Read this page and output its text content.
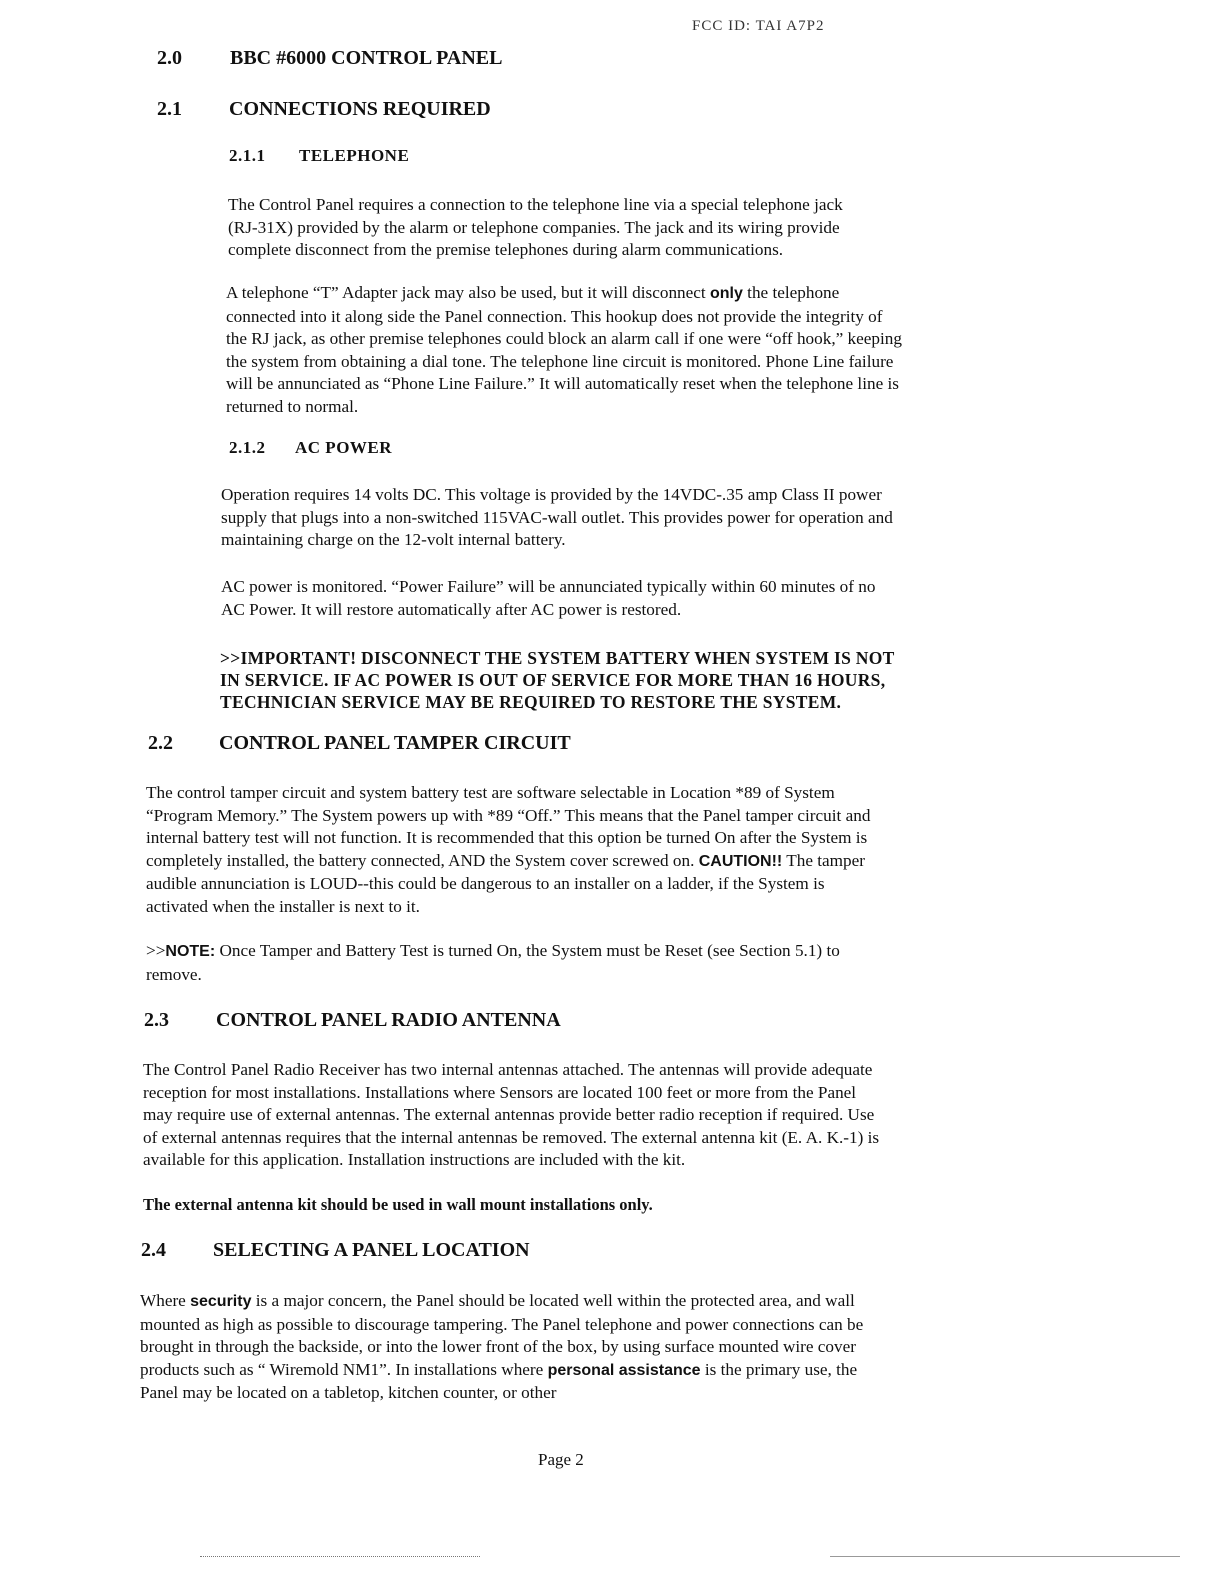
FCC ID: TAI A7P2
2.0 BBC #6000 CONTROL PANEL
2.1 CONNECTIONS REQUIRED
2.1.1 TELEPHONE
The Control Panel requires a connection to the telephone line via a special telephone jack
(RJ-31X) provided by the alarm or telephone companies. The jack and its wiring provide
complete disconnect from the premise telephones during alarm communications.
A telephone “T” Adapter jack may also be used, but it will disconnect only the telephone
connected into it along side the Panel connection. This hookup does not provide the integrity of
the RJ jack, as other premise telephones could block an alarm call if one were “off hook,” keeping
the system from obtaining a dial tone. The telephone line circuit is monitored. Phone Line failure
will be annunciated as “Phone Line Failure.” It will automatically reset when the telephone line is
returned to normal.
2.1.2 AC POWER
Operation requires 14 volts DC. This voltage is provided by the 14VDC-.35 amp Class II power
supply that plugs into a non-switched 115VAC-wall outlet. This provides power for operation and
maintaining charge on the 12-volt internal battery.
AC power is monitored. “Power Failure” will be annunciated typically within 60 minutes of no
AC Power. It will restore automatically after AC power is restored.
>>IMPORTANT! DISCONNECT THE SYSTEM BATTERY WHEN SYSTEM IS NOT
IN SERVICE. IF AC POWER IS OUT OF SERVICE FOR MORE THAN 16 HOURS,
TECHNICIAN SERVICE MAY BE REQUIRED TO RESTORE THE SYSTEM.
2.2 CONTROL PANEL TAMPER CIRCUIT
The control tamper circuit and system battery test are software selectable in Location *89 of System
“Program Memory.” The System powers up with *89 “Off.” This means that the Panel tamper circuit and
internal battery test will not function. It is recommended that this option be turned On after the System is
completely installed, the battery connected, AND the System cover screwed on. CAUTION!! The tamper
audible annunciation is LOUD--this could be dangerous to an installer on a ladder, if the System is
activated when the installer is next to it.
>>NOTE: Once Tamper and Battery Test is turned On, the System must be Reset (see Section 5.1) to
remove.
2.3 CONTROL PANEL RADIO ANTENNA
The Control Panel Radio Receiver has two internal antennas attached. The antennas will provide adequate
reception for most installations. Installations where Sensors are located 100 feet or more from the Panel
may require use of external antennas. The external antennas provide better radio reception if required. Use
of external antennas requires that the internal antennas be removed. The external antenna kit (E. A. K.-1) is
available for this application. Installation instructions are included with the kit.
The external antenna kit should be used in wall mount installations only.
2.4 SELECTING A PANEL LOCATION
Where security is a major concern, the Panel should be located well within the protected area, and wall
mounted as high as possible to discourage tampering. The Panel telephone and power connections can be
brought in through the backside, or into the lower front of the box, by using surface mounted wire cover
products such as “ Wiremold NM1”. In installations where personal assistance is the primary use, the
Panel may be located on a tabletop, kitchen counter, or other
Page 2
